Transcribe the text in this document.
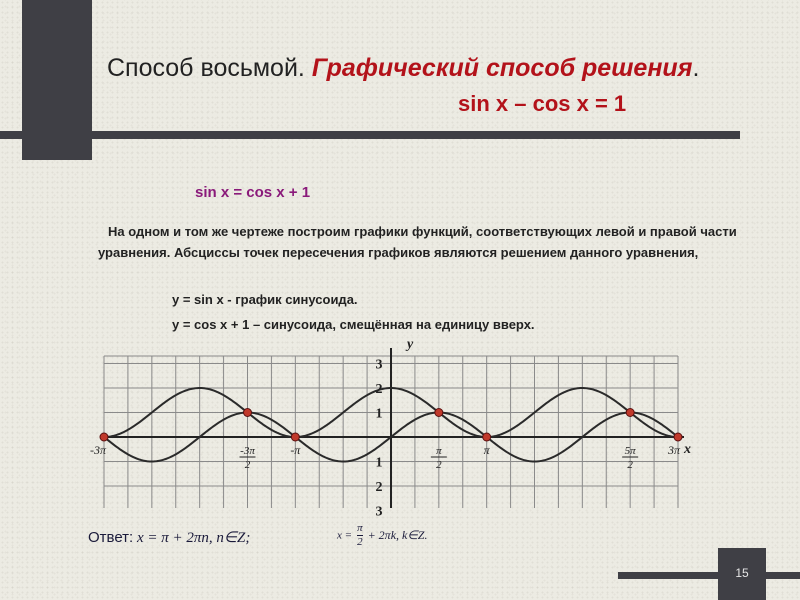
Способ восьмой. Графический способ решения.
sin x – cos x = 1
sin x = cos x + 1
На одном и том же чертеже построим графики функций, соответствующих левой и правой части уравнения. Абсциссы точек пересечения графиков являются решением данного уравнения,
y = sin x - график синусоида.
y = cos x + 1 – синусоида, смещённая на единицу вверх.
y
x
3
2
1
1
2
3
-3π	-3π
2
-π	π
2
π	5π
2
3π
Ответ: x = π + 2πn, n∈Z;	$x = \frac{\pi}{2} + 2\pi k$, k∈Z.
15
